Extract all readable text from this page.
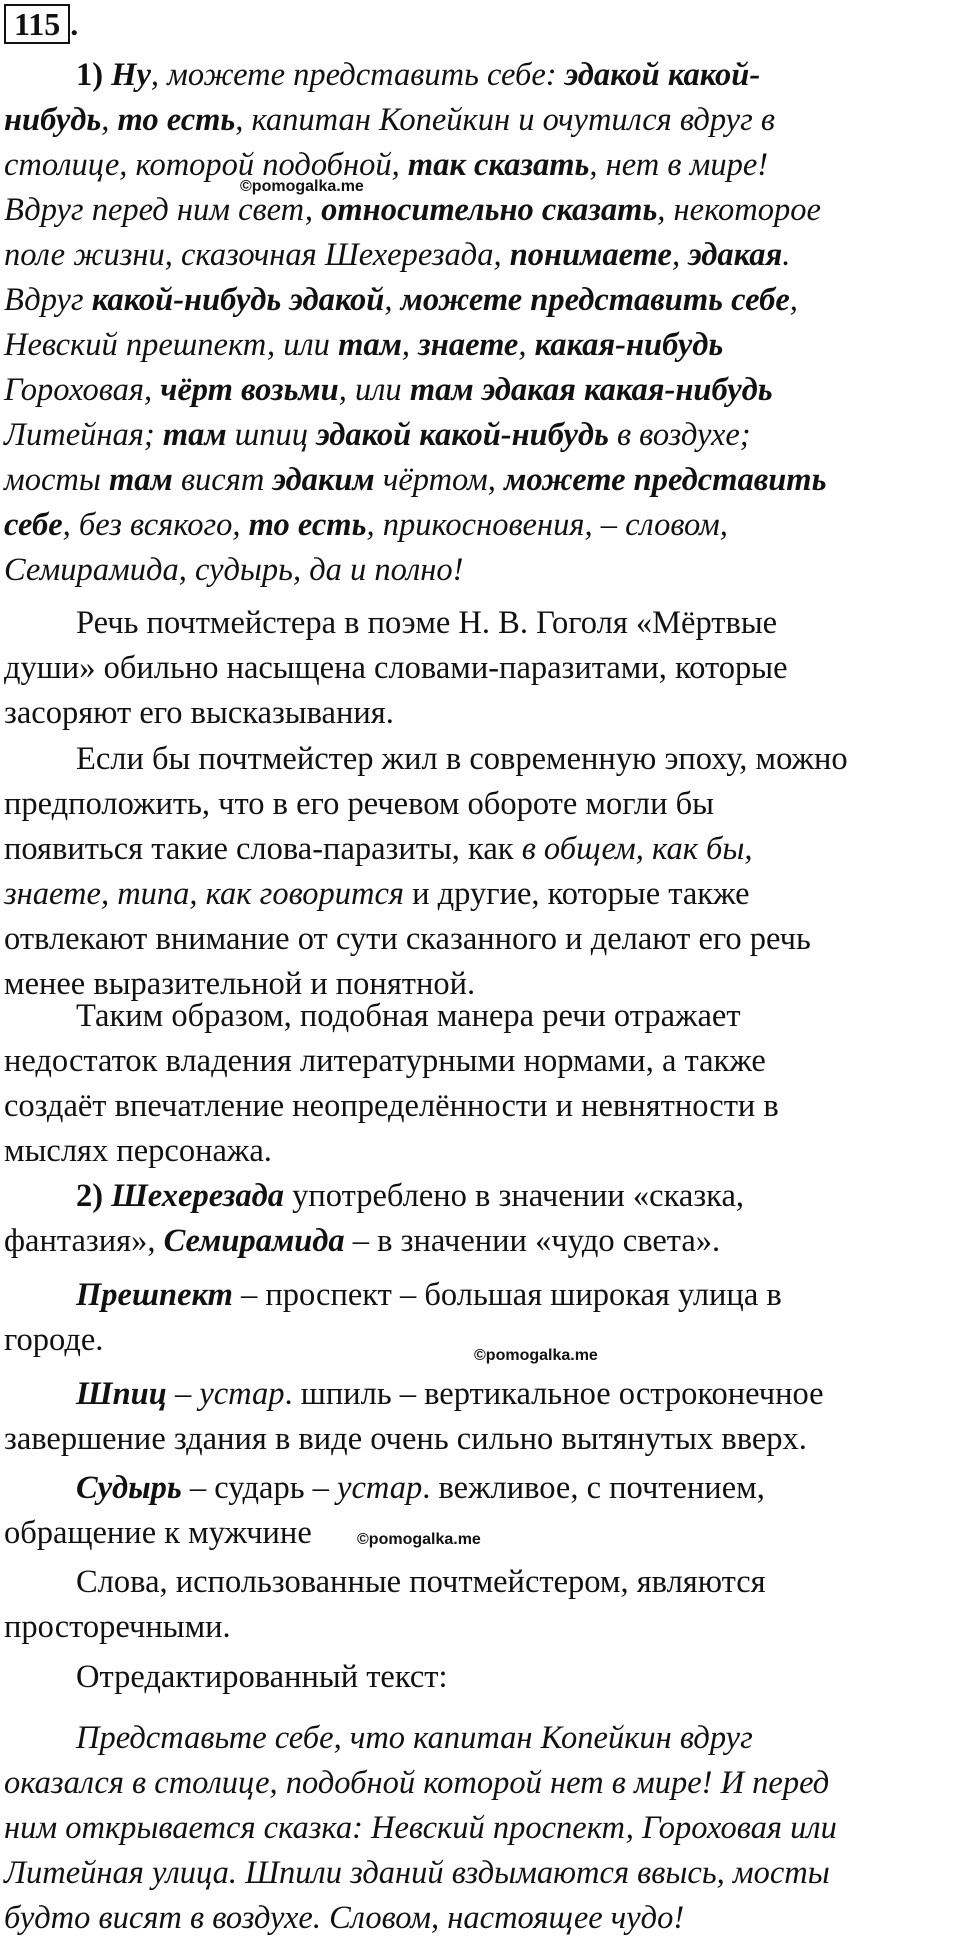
115 .
1) Ну, можете представить себе: эдакой какой-
нибудь, то есть, капитан Копейкин и очутился вдруг в
столице, которой подобной, так сказать, нет в мире!
Вдруг перед ним свет, относительно сказать, некоторое
поле жизни, сказочная Шехерезада, понимаете, эдакая.
Вдруг какой-нибудь эдакой, можете представить себе,
Невский прешпект, или там, знаете, какая-нибудь
Гороховая, чёрт возьми, или там эдакая какая-нибудь
Литейная; там шпиц эдакой какой-нибудь в воздухе;
мосты там висят эдаким чёртом, можете представить
себе, без всякого, то есть, прикосновения, – словом,
Семирамида, судырь, да и полно!
Речь почтмейстера в поэме Н. В. Гоголя «Мёртвые
души» обильно насыщена словами-паразитами, которые
засоряют его высказывания.
Если бы почтмейстер жил в современную эпоху, можно
предположить, что в его речевом обороте могли бы
появиться такие слова-паразиты, как в общем, как бы,
знаете, типа, как говорится и другие, которые также
отвлекают внимание от сути сказанного и делают его речь
менее выразительной и понятной.
Таким образом, подобная манера речи отражает
недостаток владения литературными нормами, а также
создаёт впечатление неопределённости и невнятности в
мыслях персонажа.
2) Шехерезада употреблено в значении «сказка,
фантазия», Семирамида – в значении «чудо света».
Прешпект – проспект – большая широкая улица в
городе.
Шпиц – устар. шпиль – вертикальное остроконечное
завершение здания в виде очень сильно вытянутых вверх.
Судырь – сударь – устар. вежливое, с почтением,
обращение к мужчине
Слова, использованные почтмейстером, являются
просторечными.
Отредактированный текст:
Представьте себе, что капитан Копейкин вдруг
оказался в столице, подобной которой нет в мире! И перед
ним открывается сказка: Невский проспект, Гороховая или
Литейная улица. Шпили зданий вздымаются ввысь, мосты
будто висят в воздухе. Словом, настоящее чудо!
©pomogalka.me
©pomogalka.me
©pomogalka.me
